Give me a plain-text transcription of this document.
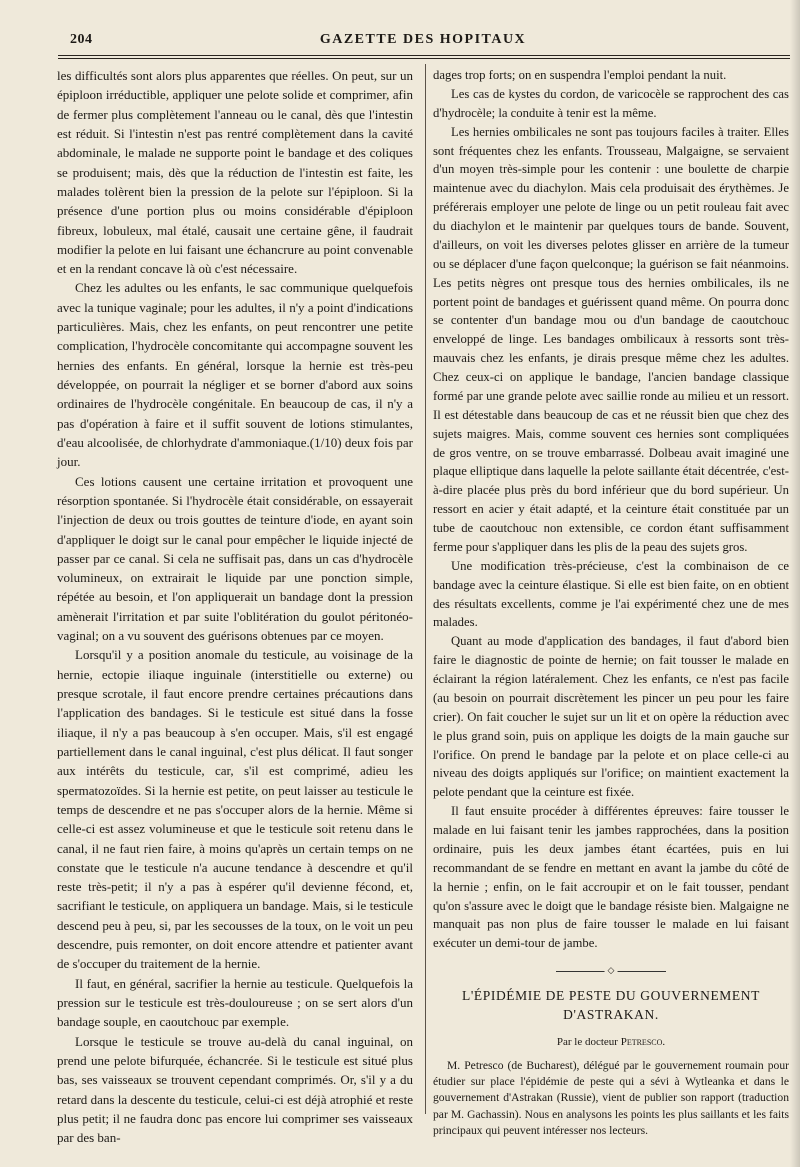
204	GAZETTE DES HOPITAUX

les difficultés sont alors plus apparentes que réelles. On peut, sur un épiploon irréductible, appliquer une pelote solide et comprimer, afin de fermer plus complètement l'anneau ou le canal, dès que l'intestin est réduit. Si l'intestin n'est pas rentré complètement dans la cavité abdominale, le malade ne supporte point le bandage et des coliques se produisent; mais, dès que la réduction de l'intestin est faite, les malades tolèrent bien la pression de la pelote sur l'épiploon. Si la présence d'une portion plus ou moins considérable d'épiploon fibreux, lobuleux, mal étalé, causait une certaine gêne, il faudrait modifier la pelote en lui faisant une échancrure au point convenable et en la rendant concave là où c'est nécessaire.

Chez les adultes ou les enfants, le sac communique quelquefois avec la tunique vaginale; pour les adultes, il n'y a point d'indications particulières. Mais, chez les enfants, on peut rencontrer une petite complication, l'hydrocèle concomitante qui accompagne souvent les hernies des enfants. En général, lorsque la hernie est très-peu développée, on pourrait la négliger et se borner d'abord aux soins ordinaires de l'hydrocèle congénitale. En beaucoup de cas, il n'y a pas d'opération à faire et il suffit souvent de lotions stimulantes, d'eau alcoolisée, de chlorhydrate d'ammoniaque.(1/10) deux fois par jour.

Ces lotions causent une certaine irritation et provoquent une résorption spontanée. Si l'hydrocèle était considérable, on essayerait l'injection de deux ou trois gouttes de teinture d'iode, en ayant soin d'appliquer le doigt sur le canal pour empêcher le liquide injecté de passer par ce canal. Si cela ne suffisait pas, dans un cas d'hydrocèle volumineux, on extrairait le liquide par une ponction simple, répétée au besoin, et l'on appliquerait un bandage dont la pression amènerait l'irritation et par suite l'oblitération du goulot péritonéo-vaginal; on a vu souvent des guérisons obtenues par ce moyen.

Lorsqu'il y a position anomale du testicule, au voisinage de la hernie, ectopie iliaque inguinale (interstitielle ou externe) ou presque scrotale, il faut encore prendre certaines précautions dans l'application des bandages. Si le testicule est situé dans la fosse iliaque, il n'y a pas beaucoup à s'en occuper. Mais, s'il est engagé partiellement dans le canal inguinal, c'est plus délicat. Il faut songer aux intérêts du testicule, car, s'il est comprimé, adieu les spermatozoïdes. Si la hernie est petite, on peut laisser au testicule le temps de descendre et ne pas s'occuper alors de la hernie. Même si celle-ci est assez volumineuse et que le testicule soit retenu dans le canal, il ne faut rien faire, à moins qu'après un certain temps on ne constate que le testicule n'a aucune tendance à descendre et qu'il reste très-petit; il n'y a pas à espérer qu'il devienne fécond, et, sacrifiant le testicule, on appliquera un bandage. Mais, si le testicule descend peu à peu, si, par les secousses de la toux, on le voit un peu descendre, puis remonter, on doit encore attendre et patienter avant de s'occuper du traitement de la hernie.

Il faut, en général, sacrifier la hernie au testicule. Quelquefois la pression sur le testicule est très-douloureuse ; on se sert alors d'un bandage souple, en caoutchouc par exemple.

Lorsque le testicule se trouve au-delà du canal inguinal, on prend une pelote bifurquée, échancrée. Si le testicule est situé plus bas, ses vaisseaux se trouvent cependant comprimés. Or, s'il y a du retard dans la descente du testicule, celui-ci est déjà atrophié et reste plus petit; il ne faudra donc pas encore lui comprimer ses vaisseaux par des ban-

dages trop forts; on en suspendra l'emploi pendant la nuit.

Les cas de kystes du cordon, de varicocèle se rapprochent des cas d'hydrocèle; la conduite à tenir est la même.

Les hernies ombilicales ne sont pas toujours faciles à traiter. Elles sont fréquentes chez les enfants. Trousseau, Malgaigne, se servaient d'un moyen très-simple pour les contenir : une boulette de charpie maintenue avec du diachylon. Mais cela produisait des érythèmes. Je préférerais employer une pelote de linge ou un petit rouleau fait avec du diachylon et le maintenir par quelques tours de bande. Souvent, d'ailleurs, on voit les diverses pelotes glisser en arrière de la tumeur ou se déplacer d'une façon quelconque; la guérison se fait néanmoins. Les petits nègres ont presque tous des hernies ombilicales, ils ne portent point de bandages et guérissent quand même. On pourra donc se contenter d'un bandage mou ou d'un bandage de caoutchouc enveloppé de linge. Les bandages ombilicaux à ressorts sont très-mauvais chez les enfants, je dirais presque même chez les adultes. Chez ceux-ci on applique le bandage, l'ancien bandage classique formé par une grande pelote avec saillie ronde au milieu et un ressort. Il est détestable dans beaucoup de cas et ne réussit bien que chez des sujets maigres. Mais, comme souvent ces hernies sont compliquées de gros ventre, on se trouve embarrassé. Dolbeau avait imaginé une plaque elliptique dans laquelle la pelote saillante était décentrée, c'est-à-dire placée plus près du bord inférieur que du bord supérieur. Un ressort en acier y était adapté, et la ceinture était constituée par un tube de caoutchouc non extensible, ce cordon étant suffisamment ferme pour s'appliquer dans les plis de la peau des sujets gros.

Une modification très-précieuse, c'est la combinaison de ce bandage avec la ceinture élastique. Si elle est bien faite, on en obtient des résultats excellents, comme je l'ai expérimenté chez une de mes malades.

Quant au mode d'application des bandages, il faut d'abord bien faire le diagnostic de pointe de hernie; on fait tousser le malade en éclairant la région latéralement. Chez les enfants, ce n'est pas facile (au besoin on pourrait discrètement les pincer un peu pour les faire crier). On fait coucher le sujet sur un lit et on opère la réduction avec le plus grand soin, puis on applique les doigts de la main gauche sur l'orifice. On prend le bandage par la pelote et on place celle-ci au niveau des doigts appliqués sur l'orifice; on maintient exactement la pelote pendant que la ceinture est fixée.

Il faut ensuite procéder à différentes épreuves: faire tousser le malade en lui faisant tenir les jambes rapprochées, dans la position ordinaire, puis les deux jambes étant écartées, puis en lui recommandant de se fendre en mettant en avant la jambe du côté de la hernie ; enfin, on le fait accroupir et on le fait tousser, pendant qu'on s'assure avec le doigt que le bandage résiste bien. Malgaigne ne manquait pas non plus de faire tousser le malade en lui faisant exécuter un demi-tour de jambe.

◇
L'ÉPIDÉMIE DE PESTE DU GOUVERNEMENT D'ASTRAKAN.
Par le docteur Petresco.

M. Petresco (de Bucharest), délégué par le gouvernement roumain pour étudier sur place l'épidémie de peste qui a sévi à Wytleanka et dans le gouvernement d'Astrakan (Russie), vient de publier son rapport (traduction par M. Gachassin). Nous en analysons les points les plus saillants et les faits principaux qui peuvent intéresser nos lecteurs.
